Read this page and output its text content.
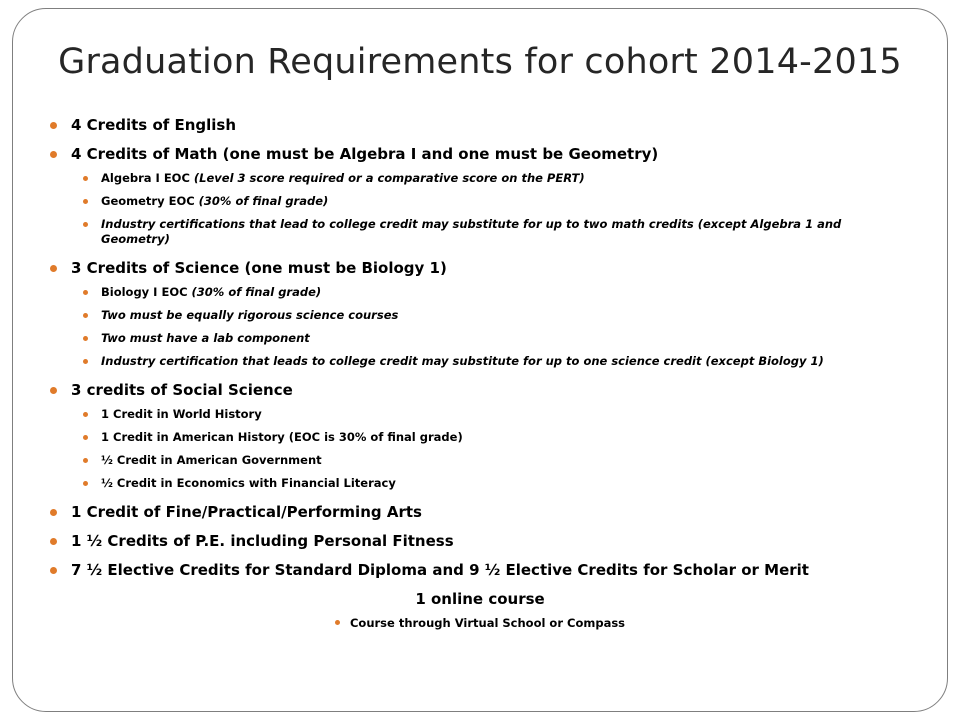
Graduation Requirements for cohort 2014-2015
4 Credits of English
4 Credits of Math (one must be Algebra I and one must be Geometry)
Algebra I EOC (Level 3 score required or a comparative score on the PERT)
Geometry EOC (30% of final grade)
Industry certifications that lead to college credit may substitute for up to two math credits (except Algebra 1 and Geometry)
3 Credits of Science (one must be Biology 1)
Biology I EOC (30% of final grade)
Two must be equally rigorous science courses
Two must have a lab component
Industry certification that leads to college credit may substitute for up to one science credit (except Biology 1)
3 credits of Social Science
1 Credit in World History
1 Credit in American History (EOC is 30% of final grade)
½ Credit in American Government
½ Credit in Economics with Financial Literacy
1 Credit of Fine/Practical/Performing Arts
1 ½ Credits of P.E. including Personal Fitness
7 ½ Elective Credits for Standard Diploma and 9 ½ Elective Credits for Scholar or Merit
1 online course
Course through Virtual School or Compass
